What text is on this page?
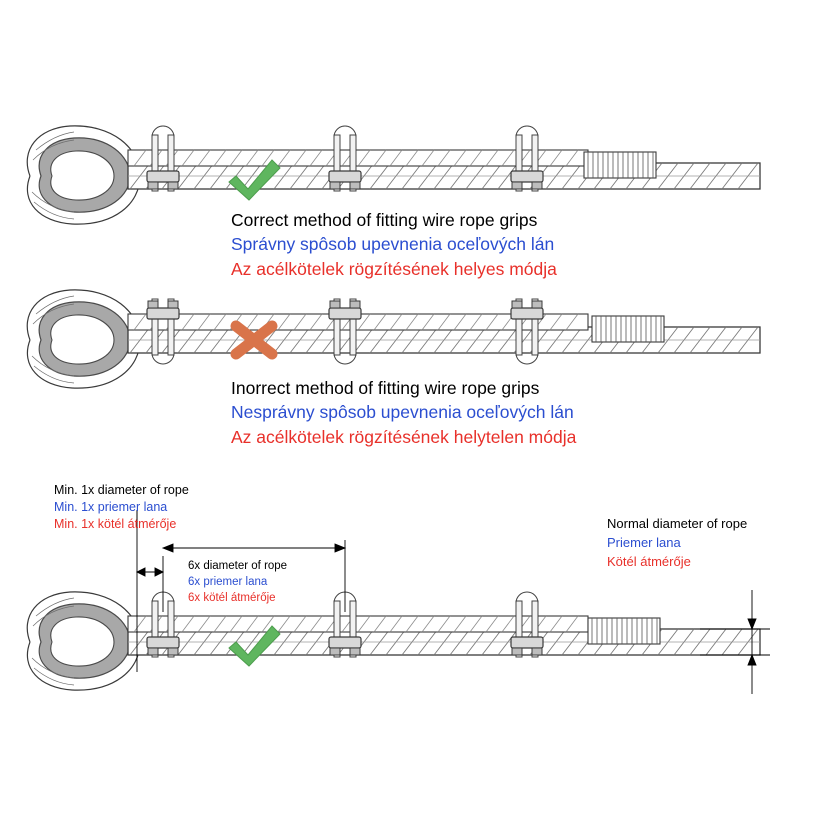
Correct method of fitting wire rope grips
Správny spôsob upevnenia oceľových lán
Az acélkötelek rögzítésének helyes módja
Inorrect method of fitting wire rope grips
Nesprávny spôsob upevnenia oceľových lán
Az acélkötelek rögzítésének helytelen módja
Min. 1x diameter of rope
Min. 1x priemer lana
Min. 1x kötél átmérője
6x diameter of rope
6x priemer lana
6x kötél átmérője
Normal diameter of rope
Priemer lana
Kötél átmérője
